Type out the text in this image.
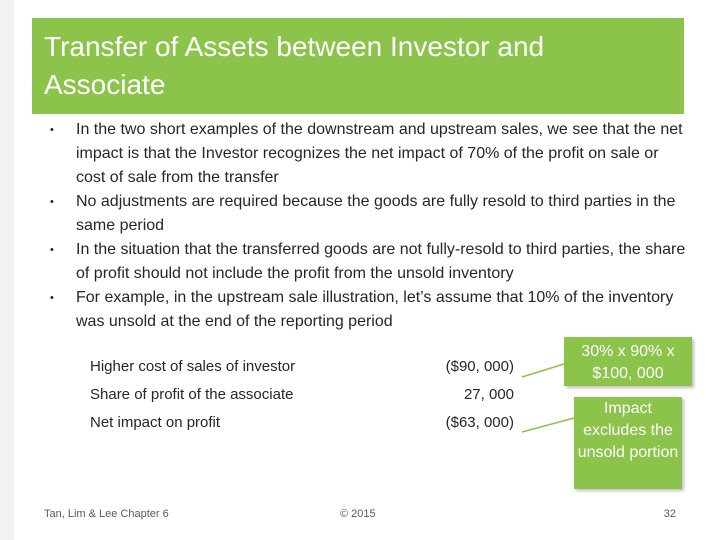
Transfer of Assets between Investor and Associate
•	In the two short examples of the downstream and upstream sales, we see that the net impact is that the Investor recognizes the net impact of 70% of the profit on sale or cost of sale from the transfer
•	No adjustments are required because the goods are fully resold to third parties in the same period
•	In the situation that the transferred goods are not fully-resold to third parties, the share of profit should not include the profit from the unsold inventory
•	For example, in the upstream sale illustration, let’s assume that 10% of the inventory was unsold at the end of the reporting period
Higher cost of sales of investor	($90, 000)
Share of profit of the associate	27, 000
Net impact on profit	($63, 000)
30% x 90% x $100, 000
Impact excludes the unsold portion
Tan, Lim & Lee Chapter 6	© 2015	32
